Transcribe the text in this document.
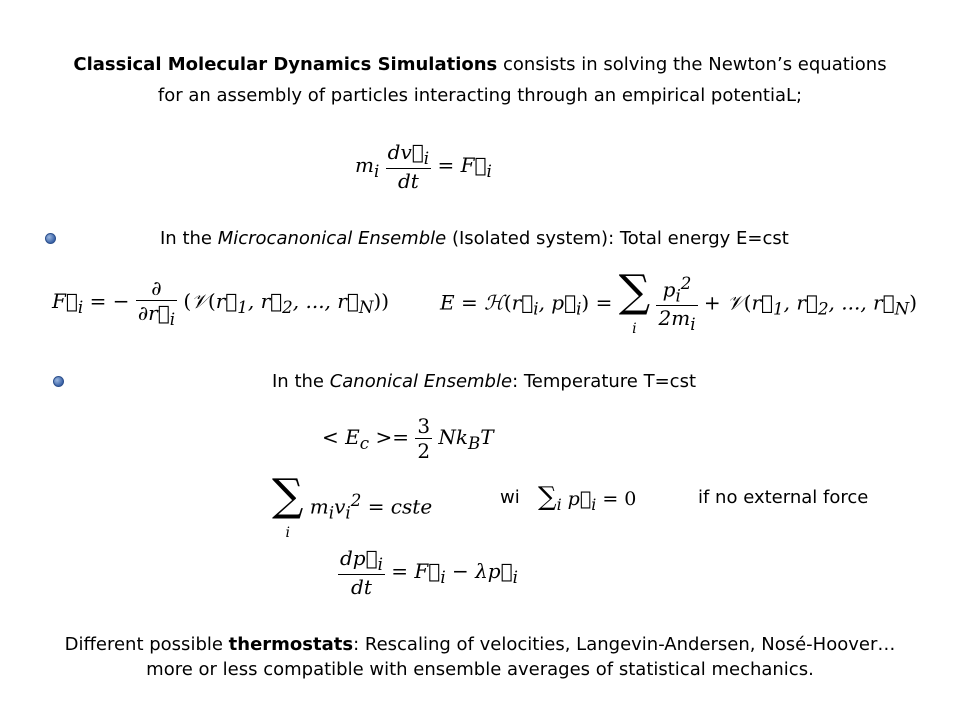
Classical Molecular Dynamics Simulations consists in solving the Newton’s equations
for an assembly of particles interacting through an empirical potentiaL;
$m_i \frac{dv⃗_i}{dt}$ = $F⃗_i$
In the Microcanonical Ensemble (Isolated system): Total energy E=cst
$F⃗_i$ = − $\frac{\partial}{\partial r⃗_i}$ ($𝒱(r⃗_1$, $r⃗_2$, ..., $r⃗_N$))	$E = ℋ(r⃗_i$, $p⃗_i$) = ∑
i $\frac{p_i^2}{2m_i}$ + $𝒱(r⃗_1$, $r⃗_2$, ..., $r⃗_N$)
In the Canonical Ensemble: Temperature T=cst
< $E_c >= \frac{3}{2} Nk_BT$
∑
i $m_iv_i^2$ = cste	wi $\sum_i$ $p⃗_i = 0$	if no external force
$\frac{dp⃗_i}{dt}$ = $F⃗_i$ − $\lambda p⃗_i$
Different possible thermostats: Rescaling of velocities, Langevin-Andersen, Nosé-Hoover…
more or less compatible with ensemble averages of statistical mechanics.
